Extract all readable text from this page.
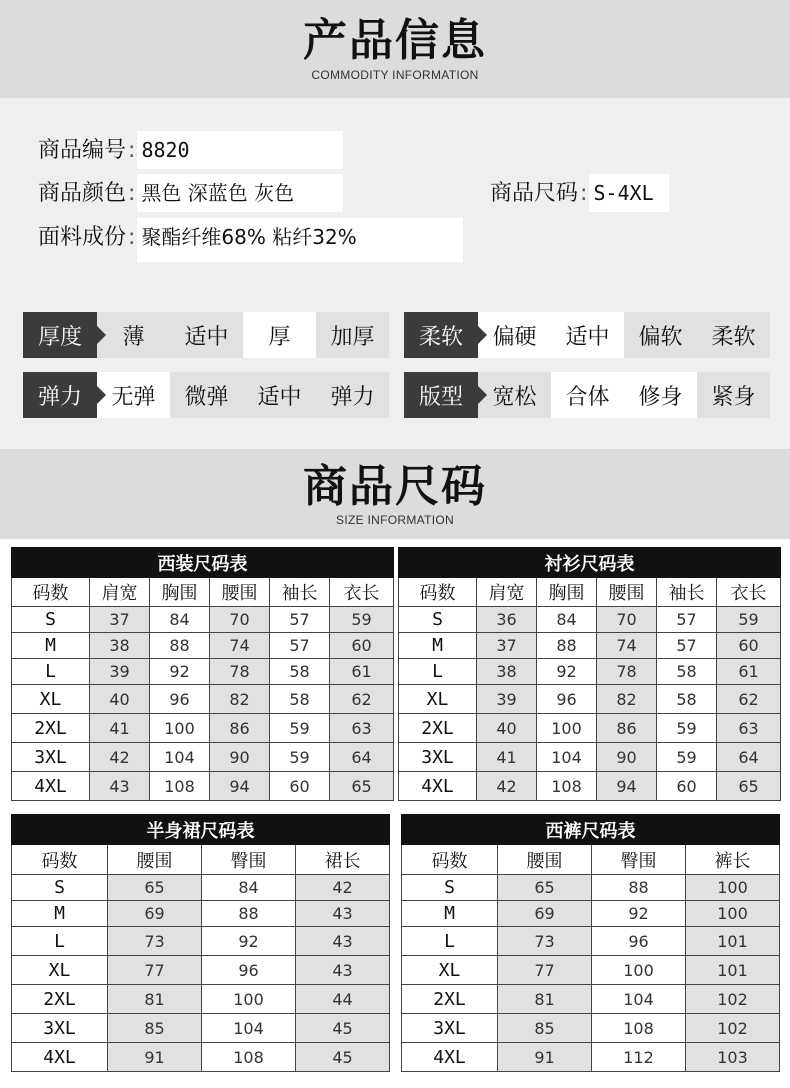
产品信息
COMMODITY INFORMATION
商品编号: 8820
商品颜色: 黑色 深蓝色 灰色	商品尺码: S-4XL
面料成份: 聚酯纤维68% 粘纤32%
厚度	薄	适中	厚	加厚	柔软	偏硬	适中	偏软	柔软
弹力	无弹	微弹	适中	弹力	版型	宽松	合体	修身	紧身
商品尺码
SIZE INFORMATION
西装尺码表					
码数	肩宽	胸围	腰围	袖长	衣长
S	37	84	70	57	59
M	38	88	74	57	60
L	39	92	78	58	61
XL	40	96	82	58	62
2XL	41	100	86	59	63
3XL	42	104	90	59	64
4XL	43	108	94	60	65
衬衫尺码表					
码数	肩宽	胸围	腰围	袖长	衣长
S	36	84	70	57	59
M	37	88	74	57	60
L	38	92	78	58	61
XL	39	96	82	58	62
2XL	40	100	86	59	63
3XL	41	104	90	59	64
4XL	42	108	94	60	65
半身裙尺码表			
码数	腰围	臀围	裙长
S	65	84	42
M	69	88	43
L	73	92	43
XL	77	96	43
2XL	81	100	44
3XL	85	104	45
4XL	91	108	45
西裤尺码表			
码数	腰围	臀围	裤长
S	65	88	100
M	69	92	100
L	73	96	101
XL	77	100	101
2XL	81	104	102
3XL	85	108	102
4XL	91	112	103
